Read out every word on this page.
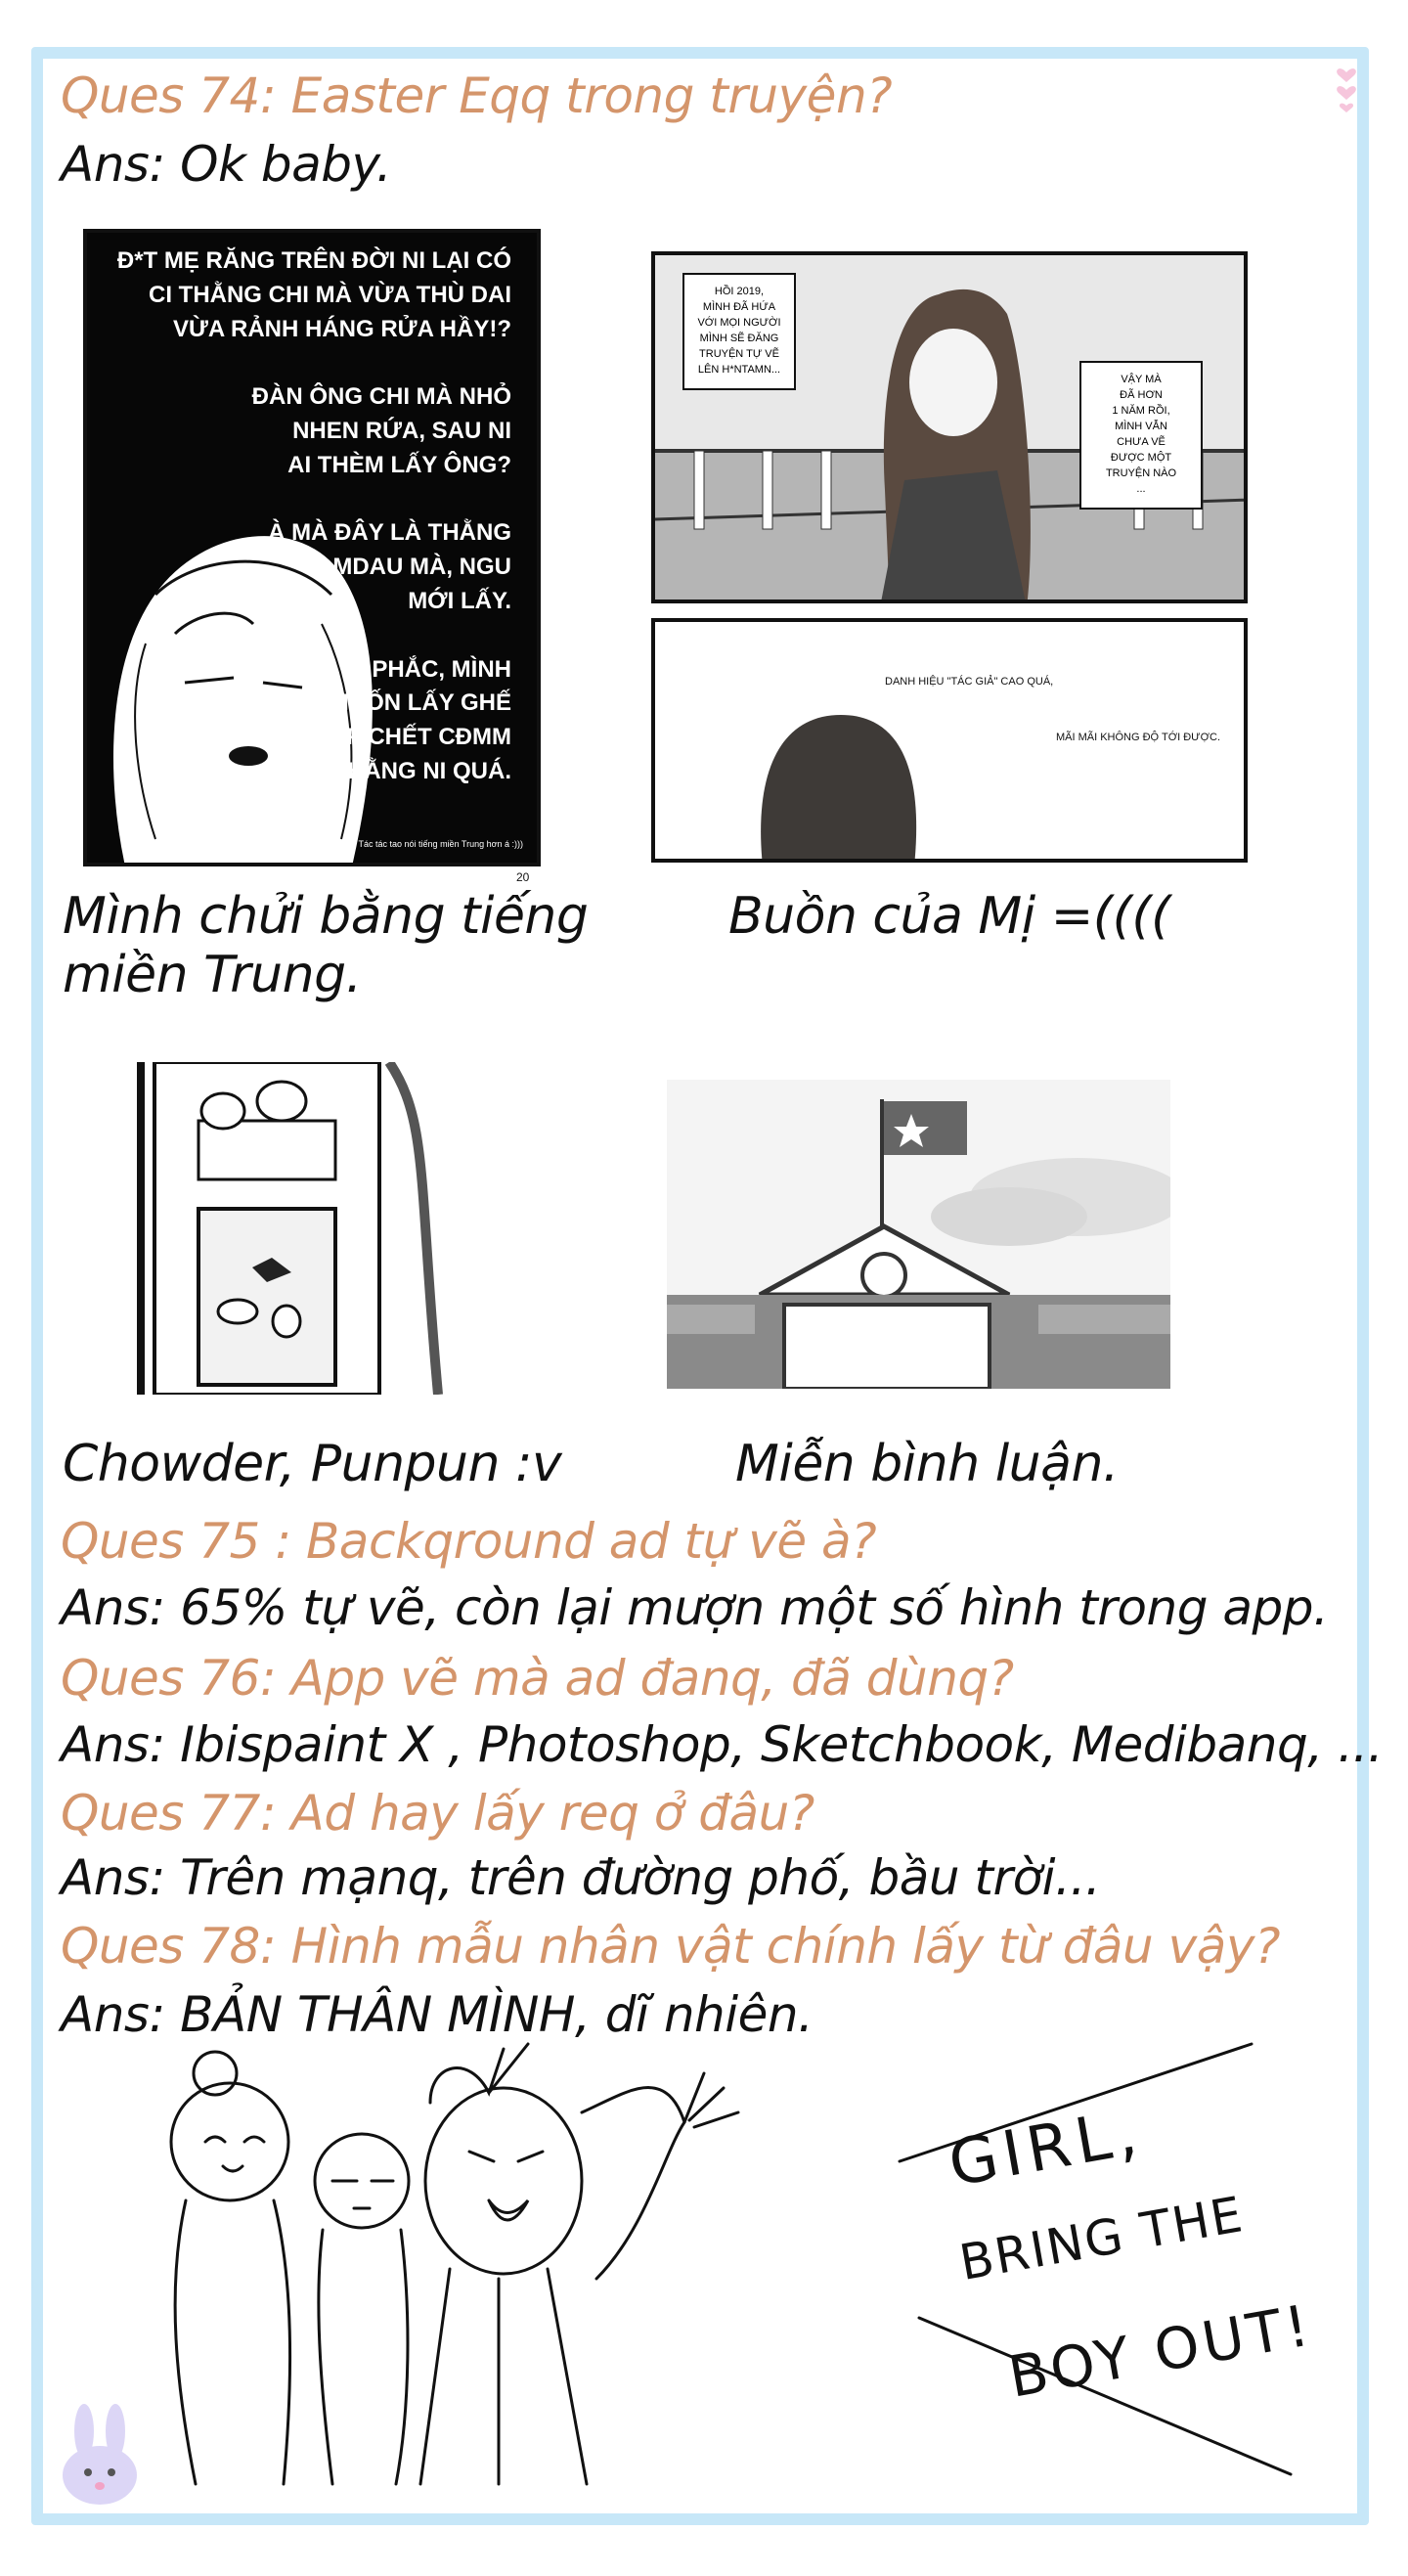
Ques 74: Easter Eqq trong truyện?
Ans: Ok baby.
Đ*T MẸ RĂNG TRÊN ĐỜI NI LẠI CÓ
CI THẰNG CHI MÀ VỪA THÙ DAI
VỪA RẢNH HÁNG RỬA HẦY!?

ĐÀN ÔNG CHI MÀ NHỎ
NHEN RỨA, SAU NI
AI THÈM LẤY ÔNG?

À MÀ ĐÂY LÀ THẰNG
AMDAU MÀ, NGU
MỚI LẤY.

PHẮC, MÌNH
MUỐN LẤY GHẾ
ĐẬP CHẾT CĐMM
THẰNG NI QUÁ.
ps: Tác tác tao nói tiếng miền Trung hơn á :)))
20
HỒI 2019,
MÌNH ĐÃ HỨA
VỚI MỌI NGƯỜI
MÌNH SẼ ĐĂNG
TRUYỆN TỰ VẼ
LÊN H*NTAMN...
VẬY MÀ
ĐÃ HƠN
1 NĂM RỒI,
MÌNH VẪN
CHƯA VẼ
ĐƯỢC MỘT
TRUYỆN NÀO
...
DANH HIỆU "TÁC GIẢ" CAO QUÁ,
MÃI MÃI KHÔNG ĐỘ TỚI ĐƯỢC.
Mình chửi bằng tiếng
miền Trung.
Buồn của Mị =((((
Chowder, Punpun :v	Miễn bình luận.
Ques 75 : Backqround ad tự vẽ à?
Ans: 65% tự vẽ, còn lại mượn một số hình trong app.
Ques 76: App vẽ mà ad đanq, đã dùnq?
Ans: Ibispaint X , Photoshop, Sketchbook, Medibanq, ...
Ques 77: Ad hay lấy req ở đâu?
Ans: Trên mạnq, trên đường phố, bầu trời...
Ques 78: Hình mẫu nhân vật chính lấy từ đâu vậy?
Ans: BẢN THÂN MÌNH, dĩ nhiên.
GIRL,
BRING THE
BOY OUT!
